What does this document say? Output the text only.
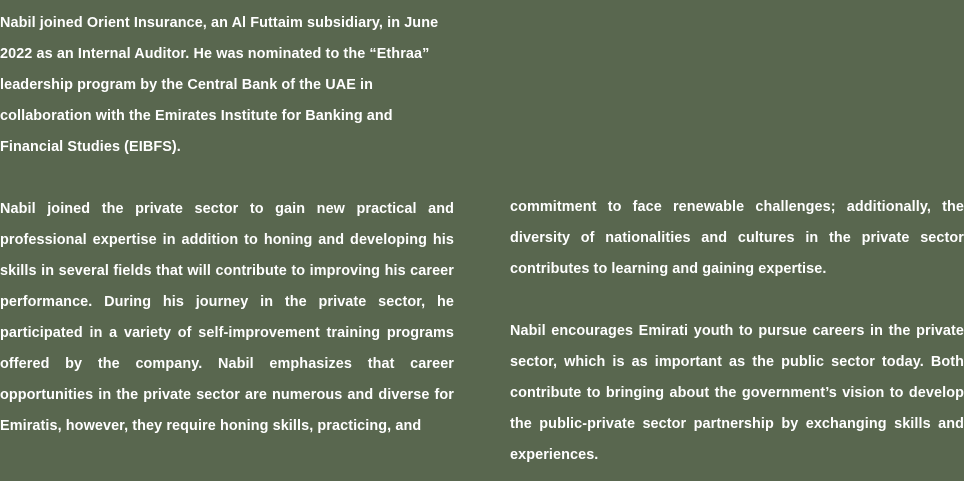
Nabil joined Orient Insurance, an Al Futtaim subsidiary, in June 2022 as an Internal Auditor. He was nominated to the “Ethraa” leadership program by the Central Bank of the UAE in collaboration with the Emirates Institute for Banking and Financial Studies (EIBFS).

Nabil joined the private sector to gain new practical and professional expertise in addition to honing and developing his skills in several fields that will contribute to improving his career performance. During his journey in the private sector, he participated in a variety of self-improvement training programs offered by the company. Nabil emphasizes that career opportunities in the private sector are numerous and diverse for Emiratis, however, they require honing skills, practicing, and

commitment to face renewable challenges; additionally, the diversity of nationalities and cultures in the private sector contributes to learning and gaining expertise.

Nabil encourages Emirati youth to pursue careers in the private sector, which is as important as the public sector today. Both contribute to bringing about the government’s vision to develop the public-private sector partnership by exchanging skills and experiences.
